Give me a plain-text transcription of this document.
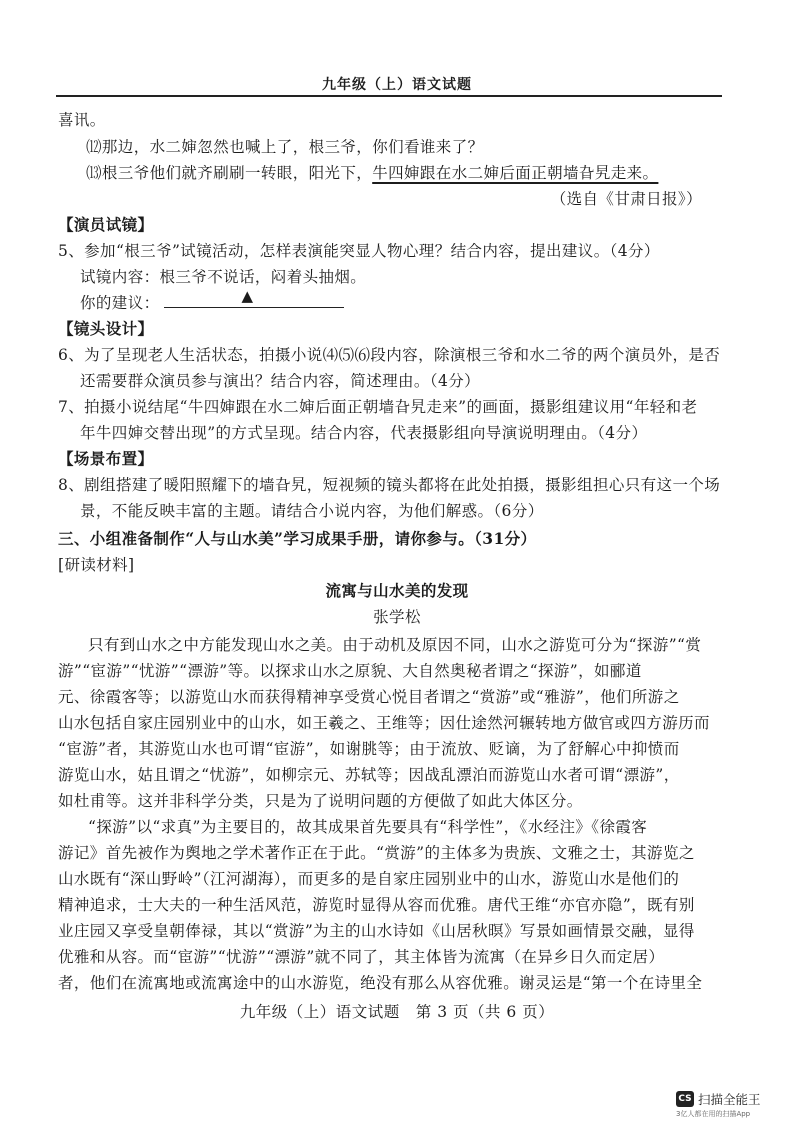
九年级（上）语文试题
喜讯。
⑿那边，水二婶忽然也喊上了，根三爷，你们看谁来了？
⒀根三爷他们就齐刷刷一转眼，阳光下，牛四婶跟在水二婶后面正朝墙旮旯走来。
（选自《甘肃日报》）
【演员试镜】
5、参加“根三爷”试镜活动，怎样表演能突显人物心理？结合内容，提出建议。（4分）
试镜内容：根三爷不说话，闷着头抽烟。
你的建议：	▲
【镜头设计】
6、为了呈现老人生活状态，拍摄小说⑷⑸⑹段内容，除演根三爷和水二爷的两个演员外，是否
还需要群众演员参与演出？结合内容，简述理由。（4分）
7、拍摄小说结尾“牛四婶跟在水二婶后面正朝墙旮旯走来”的画面，摄影组建议用“年轻和老
年牛四婶交替出现”的方式呈现。结合内容，代表摄影组向导演说明理由。（4分）
【场景布置】
8、剧组搭建了暖阳照耀下的墙旮旯，短视频的镜头都将在此处拍摄，摄影组担心只有这一个场
景，不能反映丰富的主题。请结合小说内容，为他们解惑。（6分）
三、小组准备制作“人与山水美”学习成果手册，请你参与。（31分）
[研读材料]
流寓与山水美的发现
张学松
只有到山水之中方能发现山水之美。由于动机及原因不同，山水之游览可分为“探游”“赏
游”“宦游”“忧游”“漂游”等。以探求山水之原貌、大自然奥秘者谓之“探游”，如郦道
元、徐霞客等；以游览山水而获得精神享受赏心悦目者谓之“赏游”或“雅游”，他们所游之
山水包括自家庄园别业中的山水，如王羲之、王维等；因仕途然河辗转地方做官或四方游历而
“宦游”者，其游览山水也可谓“宦游”，如谢朓等；由于流放、贬谪，为了舒解心中抑愤而
游览山水，姑且谓之“忧游”，如柳宗元、苏轼等；因战乱漂泊而游览山水者可谓“漂游”，
如杜甫等。这并非科学分类，只是为了说明问题的方便做了如此大体区分。
“探游”以“求真”为主要目的，故其成果首先要具有“科学性”，《水经注》《徐霞客
游记》首先被作为舆地之学术著作正在于此。“赏游”的主体多为贵族、文雅之士，其游览之
山水既有“深山野岭”（江河湖海），而更多的是自家庄园别业中的山水，游览山水是他们的
精神追求，士大夫的一种生活风范，游览时显得从容而优雅。唐代王维“亦官亦隐”，既有别
业庄园又享受皇朝俸禄，其以“赏游”为主的山水诗如《山居秋暝》写景如画情景交融，显得
优雅和从容。而“宦游”“忧游”“漂游”就不同了，其主体皆为流寓（在异乡日久而定居）
者，他们在流寓地或流寓途中的山水游览，绝没有那么从容优雅。谢灵运是“第一个在诗里全
九年级（上）语文试题　第 3 页（共 6 页）
CS 扫描全能王
3亿人都在用的扫描App
